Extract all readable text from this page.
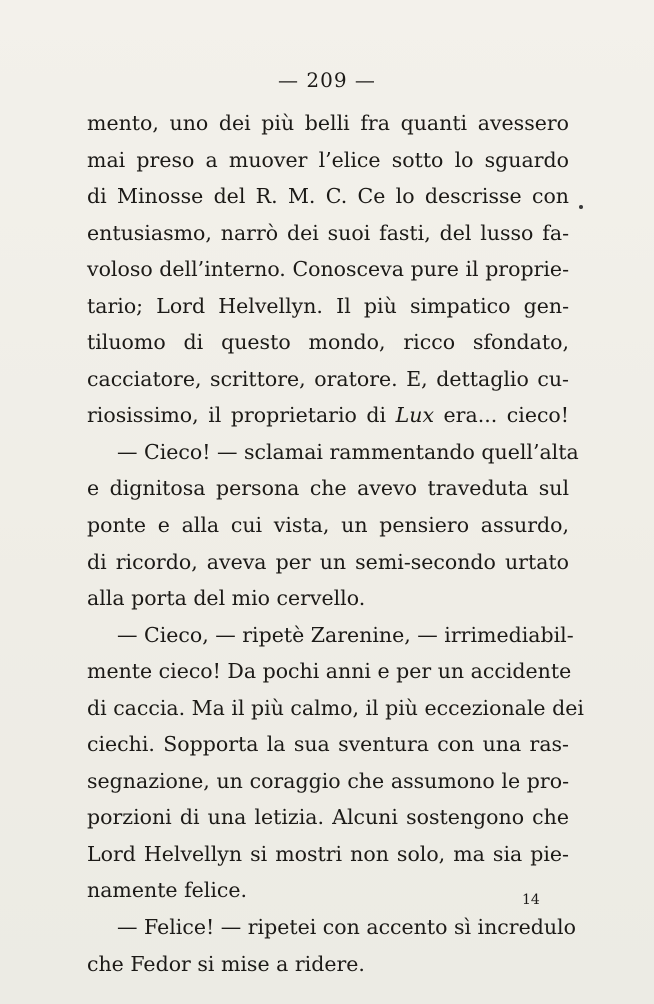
— 209 —
mento, uno dei più belli fra quanti avessero
mai preso a muover l’elice sotto lo sguardo
di Minosse del R. M. C. Ce lo descrisse con
entusiasmo, narrò dei suoi fasti, del lusso fa-
voloso dell’interno. Conosceva pure il proprie-
tario; Lord Helvellyn. Il più simpatico gen-
tiluomo di questo mondo, ricco sfondato,
cacciatore, scrittore, oratore. E, dettaglio cu-
riosissimo, il proprietario di Lux era... cieco!
— Cieco! — sclamai rammentando quell’alta
e dignitosa persona che avevo traveduta sul
ponte e alla cui vista, un pensiero assurdo,
di ricordo, aveva per un semi-secondo urtato
alla porta del mio cervello.
— Cieco, — ripetè Zarenine, — irrimediabil-
mente cieco! Da pochi anni e per un accidente
di caccia. Ma il più calmo, il più eccezionale dei
ciechi. Sopporta la sua sventura con una ras-
segnazione, un coraggio che assumono le pro-
porzioni di una letizia. Alcuni sostengono che
Lord Helvellyn si mostri non solo, ma sia pie-
namente felice.
— Felice! — ripetei con accento sì incredulo
che Fedor si mise a ridere.
14
